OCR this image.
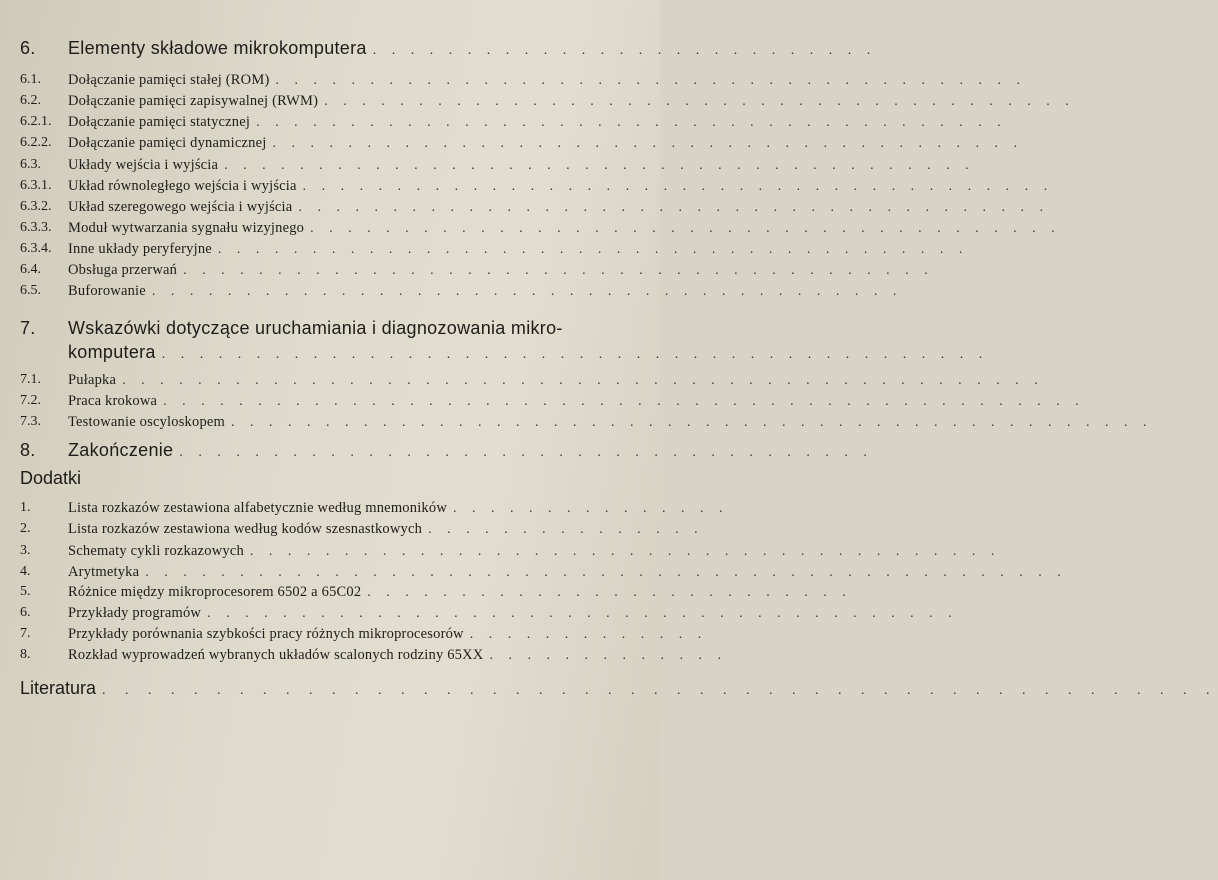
6. Elementy składowe mikrokomputera . . . . . . . . . . . . . . . . . . . . . . . . . . .
6.1. Dołączanie pamięci stałej (ROM) . . . . . . . . . . . . . . . . . . . . . . . . . . . . . . . . . . . . . . . .
6.2. Dołączanie pamięci zapisywalnej (RWM) . . . . . . . . . . . . . . . . . . . . . . . . . . . . . . . . . . . . . . . .
6.2.1. Dołączanie pamięci statycznej . . . . . . . . . . . . . . . . . . . . . . . . . . . . . . . . . . . . . . . .
6.2.2. Dołączanie pamięci dynamicznej . . . . . . . . . . . . . . . . . . . . . . . . . . . . . . . . . . . . . . . .
6.3. Układy wejścia i wyjścia . . . . . . . . . . . . . . . . . . . . . . . . . . . . . . . . . . . . . . . .
6.3.1. Układ równoległego wejścia i wyjścia . . . . . . . . . . . . . . . . . . . . . . . . . . . . . . . . . . . . . . . .
6.3.2. Układ szeregowego wejścia i wyjścia . . . . . . . . . . . . . . . . . . . . . . . . . . . . . . . . . . . . . . . .
6.3.3. Moduł wytwarzania sygnału wizyjnego . . . . . . . . . . . . . . . . . . . . . . . . . . . . . . . . . . . . . . . .
6.3.4. Inne układy peryferyjne . . . . . . . . . . . . . . . . . . . . . . . . . . . . . . . . . . . . . . . .
6.4. Obsługa przerwań . . . . . . . . . . . . . . . . . . . . . . . . . . . . . . . . . . . . . . . .
6.5. Buforowanie . . . . . . . . . . . . . . . . . . . . . . . . . . . . . . . . . . . . . . . .
7. Wskazówki dotyczące uruchamiania i diagnozowania mikro-
komputera . . . . . . . . . . . . . . . . . . . . . . . . . . . . . . . . . . . . . . . . . . . .
7.1. Pułapka . . . . . . . . . . . . . . . . . . . . . . . . . . . . . . . . . . . . . . . . . . . . . . . . .
7.2. Praca krokowa . . . . . . . . . . . . . . . . . . . . . . . . . . . . . . . . . . . . . . . . . . . . . . . . .
7.3. Testowanie oscyloskopem . . . . . . . . . . . . . . . . . . . . . . . . . . . . . . . . . . . . . . . . . . . . . . . . .
8. Zakończenie . . . . . . . . . . . . . . . . . . . . . . . . . . . . . . . . . . . . .
Dodatki
1.	Lista rozkazów zestawiona alfabetycznie według mnemoników . . . . . . . . . . . . . . .
2.	Lista rozkazów zestawiona według kodów szesnastkowych . . . . . . . . . . . . . . .
3.	Schematy cykli rozkazowych . . . . . . . . . . . . . . . . . . . . . . . . . . . . . . . . . . . . . . . .
4.	Arytmetyka . . . . . . . . . . . . . . . . . . . . . . . . . . . . . . . . . . . . . . . . . . . . . . . . .
5.	Różnice między mikroprocesorem 6502 a 65C02 . . . . . . . . . . . . . . . . . . . . . . . . . .
6.	Przykłady programów . . . . . . . . . . . . . . . . . . . . . . . . . . . . . . . . . . . . . . . .
7.	Przykłady porównania szybkości pracy różnych mikroprocesorów . . . . . . . . . . . . .
8.	Rozkład wyprowadzeń wybranych układów scalonych rodziny 65XX . . . . . . . . . . . . .
Literatura . . . . . . . . . . . . . . . . . . . . . . . . . . . . . . . . . . . . . . . . . . . . . . . . .
